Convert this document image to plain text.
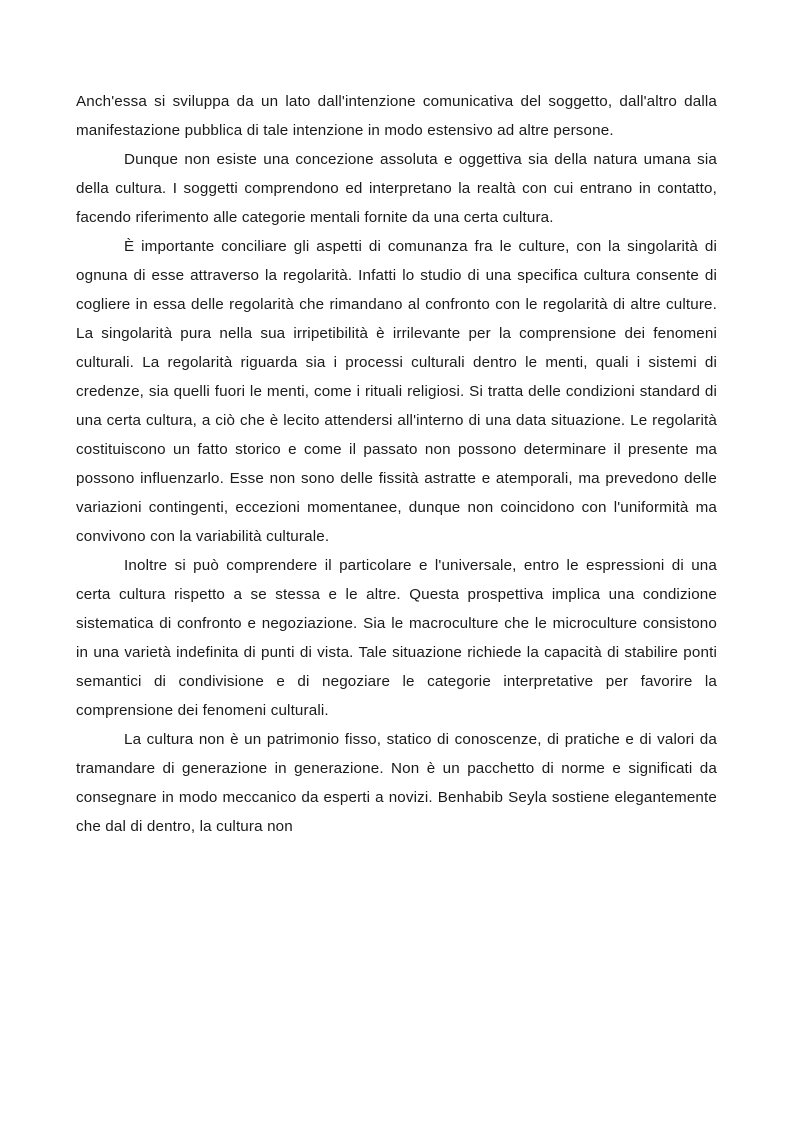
Anch'essa si sviluppa da un lato dall'intenzione comunicativa del soggetto, dall'altro dalla manifestazione pubblica di tale intenzione in modo estensivo ad altre persone.

Dunque non esiste una concezione assoluta e oggettiva sia della natura umana sia della cultura. I soggetti comprendono ed interpretano la realtà con cui entrano in contatto, facendo riferimento alle categorie mentali fornite da una certa cultura.

È importante conciliare gli aspetti di comunanza fra le culture, con la singolarità di ognuna di esse attraverso la regolarità. Infatti lo studio di una specifica cultura consente di cogliere in essa delle regolarità che rimandano al confronto con le regolarità di altre culture. La singolarità pura nella sua irripetibilità è irrilevante per la comprensione dei fenomeni culturali. La regolarità riguarda sia i processi culturali dentro le menti, quali i sistemi di credenze, sia quelli fuori le menti, come i rituali religiosi. Si tratta delle condizioni standard di una certa cultura, a ciò che è lecito attendersi all'interno di una data situazione. Le regolarità costituiscono un fatto storico e come il passato non possono determinare il presente ma possono influenzarlo. Esse non sono delle fissità astratte e atemporali, ma prevedono delle variazioni contingenti, eccezioni momentanee, dunque non coincidono con l'uniformità ma convivono con la variabilità culturale.

Inoltre si può comprendere il particolare e l'universale, entro le espressioni di una certa cultura rispetto a se stessa e le altre. Questa prospettiva implica una condizione sistematica di confronto e negoziazione. Sia le macroculture che le microculture consistono in una varietà indefinita di punti di vista. Tale situazione richiede la capacità di stabilire ponti semantici di condivisione e di negoziare le categorie interpretative per favorire la comprensione dei fenomeni culturali.

La cultura non è un patrimonio fisso, statico di conoscenze, di pratiche e di valori da tramandare di generazione in generazione. Non è un pacchetto di norme e significati da consegnare in modo meccanico da esperti a novizi. Benhabib Seyla sostiene elegantemente che dal di dentro, la cultura non
